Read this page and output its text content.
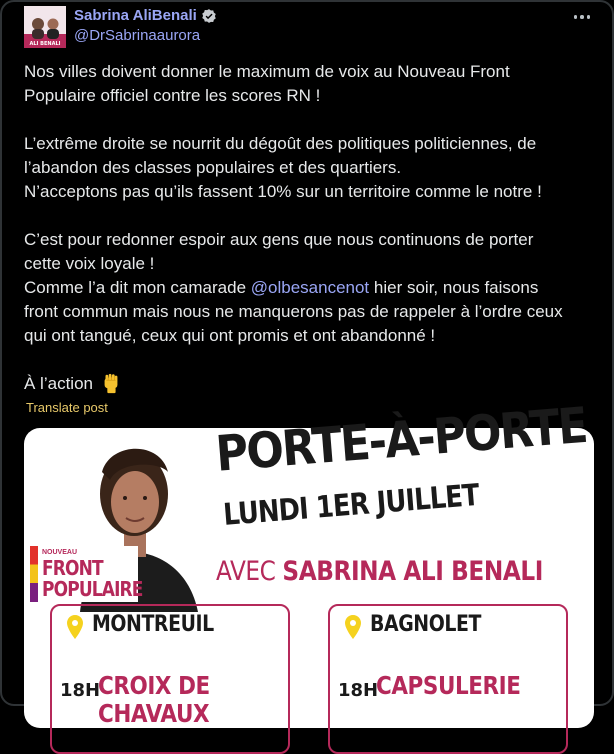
ALI BENALI
Sabrina AliBenali
@DrSabrinaaurora

Nos villes doivent donner le maximum de voix au Nouveau Front

Populaire officiel contre les scores RN !

L’extrême droite se nourrit du dégoût des politiques politiciennes, de

l’abandon des classes populaires et des quartiers.

N’acceptons pas qu’ils fassent 10% sur un territoire comme le notre !

C’est pour redonner espoir aux gens que nous continuons de porter

cette voix loyale !

Comme l’a dit mon camarade @olbesancenot hier soir, nous faisons

front commun mais nous ne manquerons pas de rappeler à l’ordre ceux

qui ont tangué, ceux qui ont promis et ont abandonné !

À l’action

Translate post
NOUVEAU
FRONT
POPULAIRE
PORTE-À-PORTE
LUNDI 1ER JUILLET
AVEC SABRINA ALI BENALI
MONTREUIL
18H
CROIX DE
CHAVAUX
BAGNOLET
18H
CAPSULERIE
